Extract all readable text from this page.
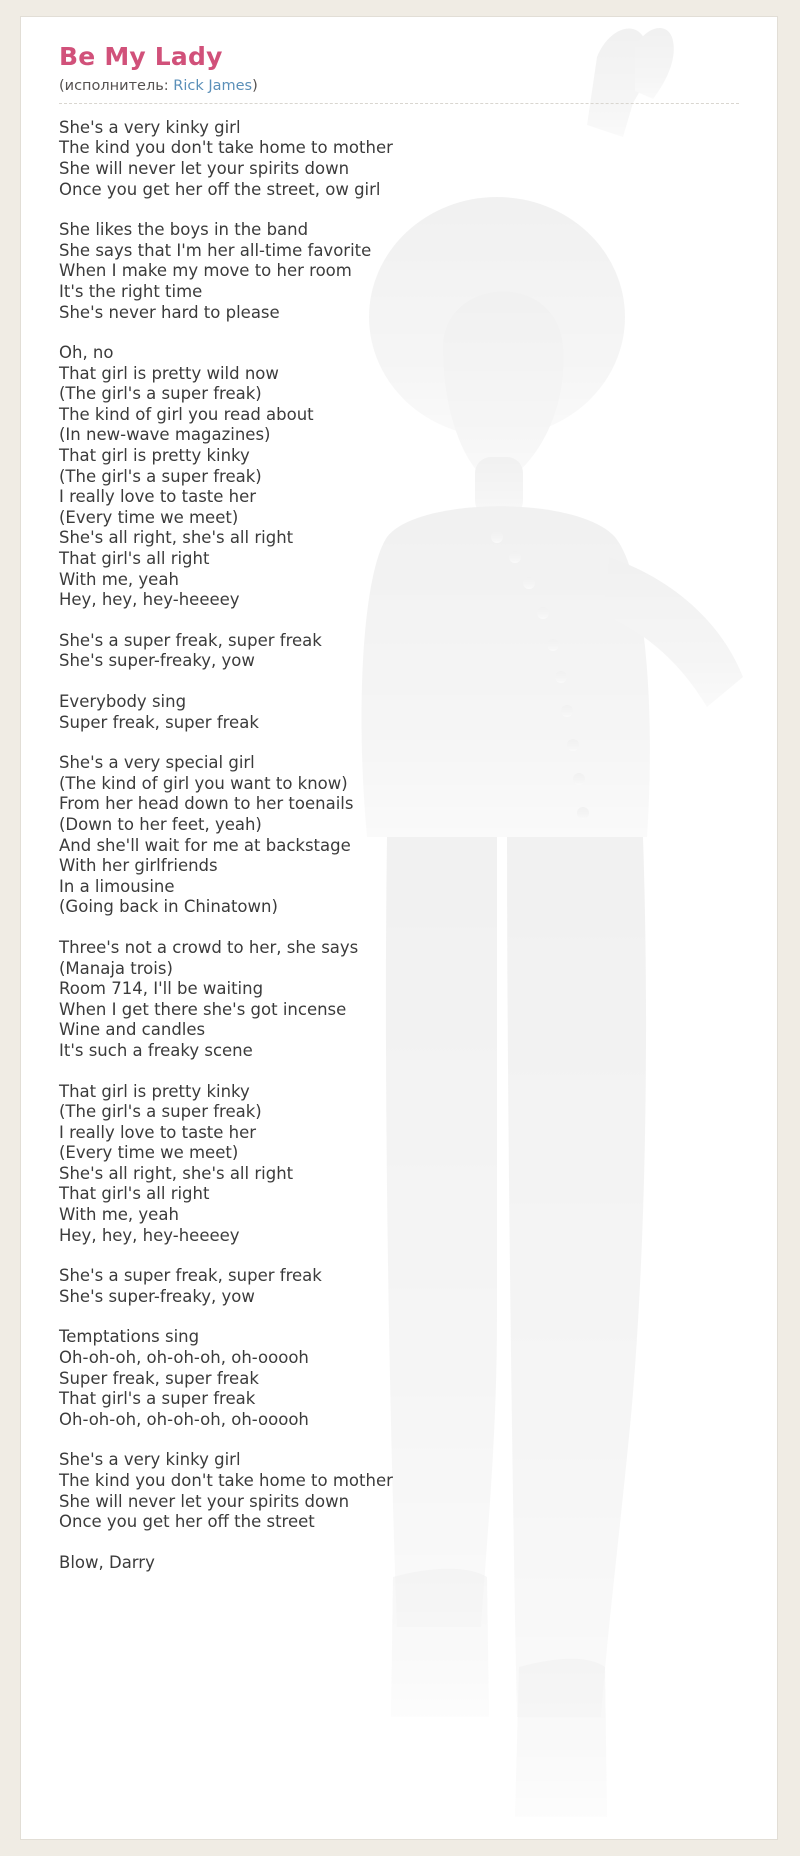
Be My Lady
(исполнитель: Rick James)

She's a very kinky girl
The kind you don't take home to mother
She will never let your spirits down
Once you get her off the street, ow girl

She likes the boys in the band
She says that I'm her all-time favorite
When I make my move to her room
It's the right time
She's never hard to please

Oh, no
That girl is pretty wild now
(The girl's a super freak)
The kind of girl you read about
(In new-wave magazines)
That girl is pretty kinky
(The girl's a super freak)
I really love to taste her
(Every time we meet)
She's all right, she's all right
That girl's all right
With me, yeah
Hey, hey, hey-heeeey

She's a super freak, super freak
She's super-freaky, yow

Everybody sing
Super freak, super freak

She's a very special girl
(The kind of girl you want to know)
From her head down to her toenails
(Down to her feet, yeah)
And she'll wait for me at backstage
With her girlfriends
In a limousine
(Going back in Chinatown)

Three's not a crowd to her, she says
(Manaja trois)
Room 714, I'll be waiting
When I get there she's got incense
Wine and candles
It's such a freaky scene

That girl is pretty kinky
(The girl's a super freak)
I really love to taste her
(Every time we meet)
She's all right, she's all right
That girl's all right
With me, yeah
Hey, hey, hey-heeeey

She's a super freak, super freak
She's super-freaky, yow

Temptations sing
Oh-oh-oh, oh-oh-oh, oh-ooooh
Super freak, super freak
That girl's a super freak
Oh-oh-oh, oh-oh-oh, oh-ooooh

She's a very kinky girl
The kind you don't take home to mother
She will never let your spirits down
Once you get her off the street

Blow, Darry
